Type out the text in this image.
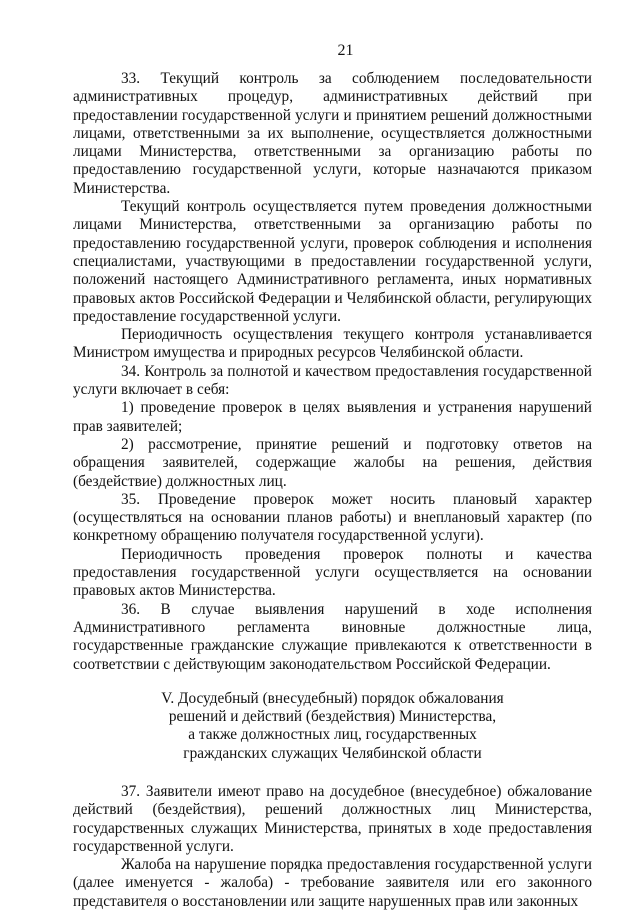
21

33. Текущий контроль за соблюдением последовательности административных процедур, административных действий при предоставлении государственной услуги и принятием решений должностными лицами, ответственными за их выполнение, осуществляется должностными лицами Министерства, ответственными за организацию работы по предоставлению государственной услуги, которые назначаются приказом Министерства.

Текущий контроль осуществляется путем проведения должностными лицами Министерства, ответственными за организацию работы по предоставлению государственной услуги, проверок соблюдения и исполнения специалистами, участвующими в предоставлении государственной услуги, положений настоящего Административного регламента, иных нормативных правовых актов Российской Федерации и Челябинской области, регулирующих предоставление государственной услуги.

Периодичность осуществления текущего контроля устанавливается Министром имущества и природных ресурсов Челябинской области.

34. Контроль за полнотой и качеством предоставления государственной услуги включает в себя:

1) проведение проверок в целях выявления и устранения нарушений прав заявителей;

2) рассмотрение, принятие решений и подготовку ответов на обращения заявителей, содержащие жалобы на решения, действия (бездействие) должностных лиц.

35. Проведение проверок может носить плановый характер (осуществляться на основании планов работы) и внеплановый характер (по конкретному обращению получателя государственной услуги).

Периодичность проведения проверок полноты и качества предоставления государственной услуги осуществляется на основании правовых актов Министерства.

36. В случае выявления нарушений в ходе исполнения Административного регламента виновные должностные лица, государственные гражданские служащие привлекаются к ответственности в соответствии с действующим законодательством Российской Федерации.

V. Досудебный (внесудебный) порядок обжалования
решений и действий (бездействия) Министерства,
а также должностных лиц, государственных
гражданских служащих Челябинской области

37. Заявители имеют право на досудебное (внесудебное) обжалование действий (бездействия), решений должностных лиц Министерства, государственных служащих Министерства, принятых в ходе предоставления государственной услуги.

Жалоба на нарушение порядка предоставления государственной услуги (далее именуется - жалоба) - требование заявителя или его законного представителя о восстановлении или защите нарушенных прав или законных
